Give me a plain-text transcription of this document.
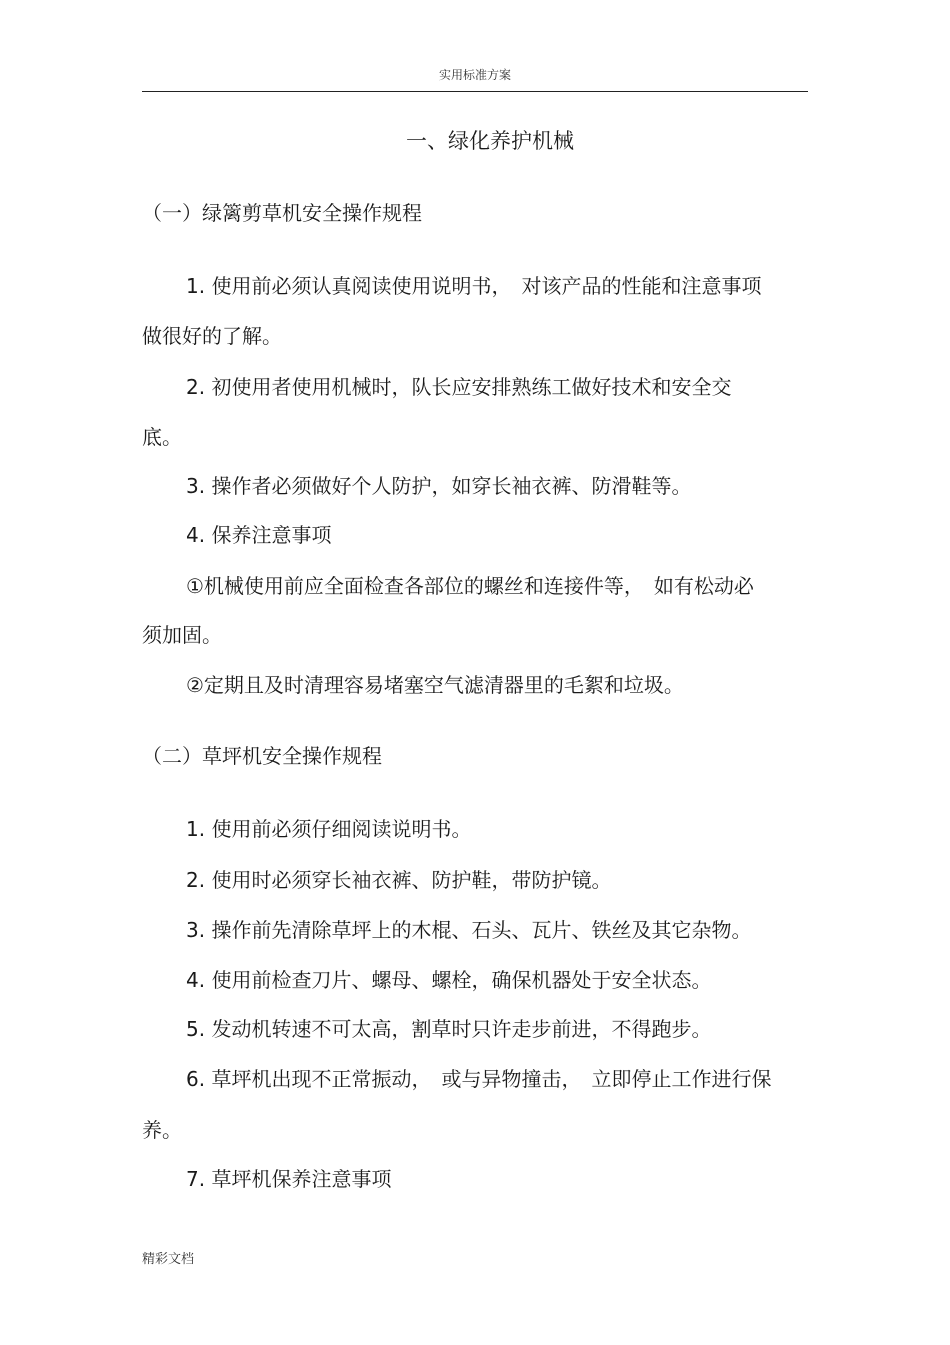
实用标准方案
一、绿化养护机械
（一）绿篱剪草机安全操作规程
1. 使用前必须认真阅读使用说明书，　对该产品的性能和注意事项
做很好的了解。
2. 初使用者使用机械时，队长应安排熟练工做好技术和安全交
底。
3. 操作者必须做好个人防护，如穿长袖衣裤、防滑鞋等。
4. 保养注意事项
①机械使用前应全面检查各部位的螺丝和连接件等，　如有松动必
须加固。
②定期且及时清理容易堵塞空气滤清器里的毛絮和垃圾。
（二）草坪机安全操作规程
1. 使用前必须仔细阅读说明书。
2. 使用时必须穿长袖衣裤、防护鞋，带防护镜。
3. 操作前先清除草坪上的木棍、石头、瓦片、铁丝及其它杂物。
4. 使用前检查刀片、螺母、螺栓，确保机器处于安全状态。
5. 发动机转速不可太高，割草时只许走步前进，不得跑步。
6. 草坪机出现不正常振动，　或与异物撞击，　立即停止工作进行保
养。
7. 草坪机保养注意事项
精彩文档
